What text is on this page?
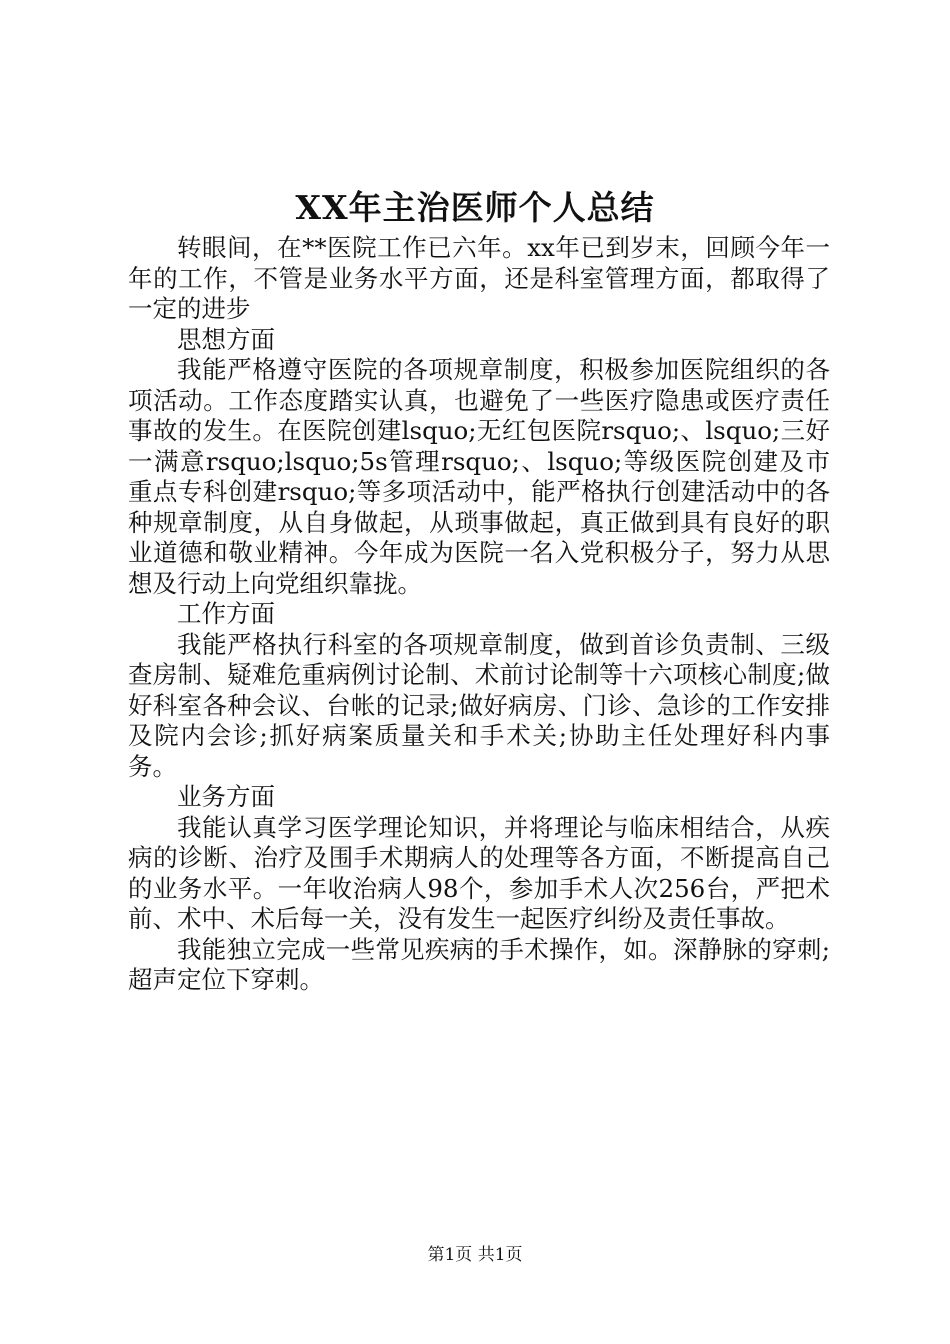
XX年主治医师个人总结

转眼间，在**医院工作已六年。xx年已到岁末，回顾今年一年的工作，不管是业务水平方面，还是科室管理方面，都取得了一定的进步

思想方面

我能严格遵守医院的各项规章制度，积极参加医院组织的各项活动。工作态度踏实认真，也避免了一些医疗隐患或医疗责任事故的发生。在医院创建lsquo;无红包医院rsquo;、lsquo;三好一满意rsquo;lsquo;5s管理rsquo;、lsquo;等级医院创建及市重点专科创建rsquo;等多项活动中，能严格执行创建活动中的各种规章制度，从自身做起，从琐事做起，真正做到具有良好的职业道德和敬业精神。今年成为医院一名入党积极分子，努力从思想及行动上向党组织靠拢。

工作方面

我能严格执行科室的各项规章制度，做到首诊负责制、三级查房制、疑难危重病例讨论制、术前讨论制等十六项核心制度;做好科室各种会议、台帐的记录;做好病房、门诊、急诊的工作安排及院内会诊;抓好病案质量关和手术关;协助主任处理好科内事务。

业务方面

我能认真学习医学理论知识，并将理论与临床相结合，从疾病的诊断、治疗及围手术期病人的处理等各方面，不断提高自己的业务水平。一年收治病人98个，参加手术人次256台，严把术前、术中、术后每一关，没有发生一起医疗纠纷及责任事故。

我能独立完成一些常见疾病的手术操作，如。深静脉的穿刺;超声定位下穿刺。

第1页 共1页
